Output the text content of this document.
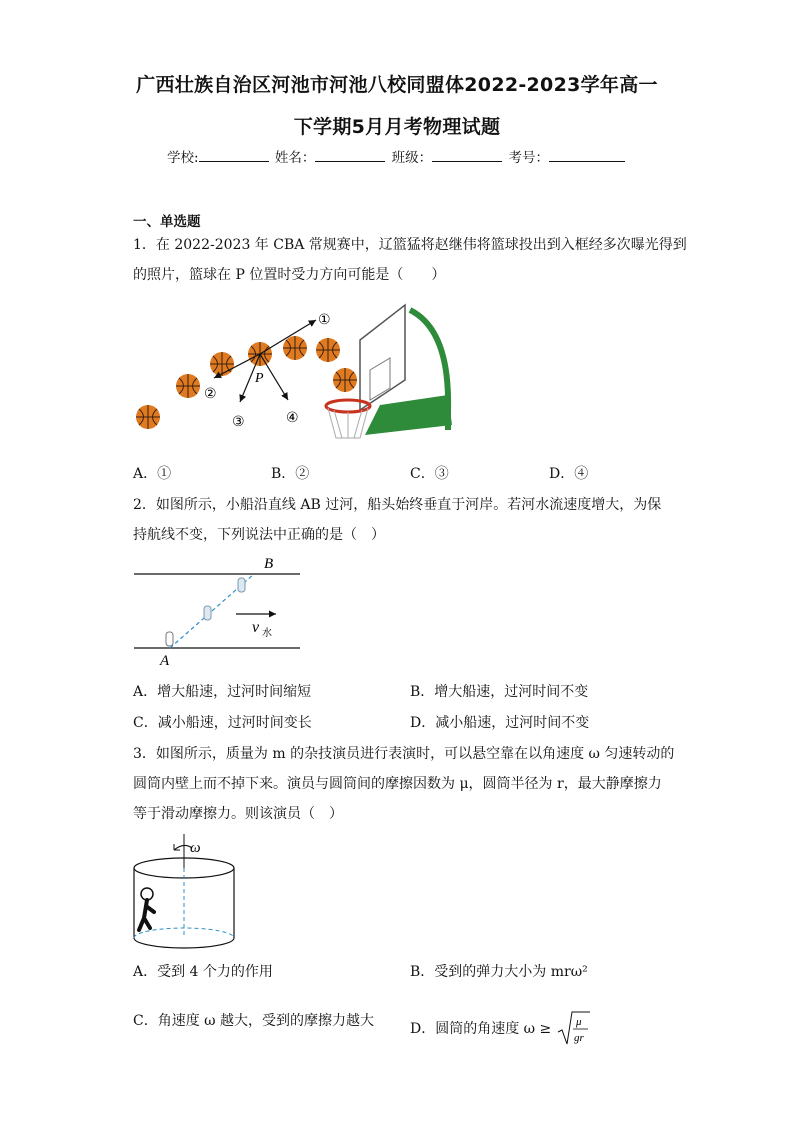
广西壮族自治区河池市河池八校同盟体2022-2023学年高一
下学期5月月考物理试题
学校:	姓名：	班级：	考号：
一、单选题
1．在 2022-2023 年 CBA 常规赛中，辽篮猛将赵继伟将篮球投出到入框经多次曝光得到
的照片，篮球在 P 位置时受力方向可能是（　　）
P
①
②
③	④
A．①	B．②	C．③	D．④
2．如图所示，小船沿直线 AB 过河，船头始终垂直于河岸。若河水流速度增大，为保
持航线不变，下列说法中正确的是（　）
B
A
v 水
A．增大船速，过河时间缩短	B．增大船速，过河时间不变
C．减小船速，过河时间变长	D．减小船速，过河时间不变
3．如图所示，质量为 m 的杂技演员进行表演时，可以悬空靠在以角速度 ω 匀速转动的
圆筒内壁上而不掉下来。演员与圆筒间的摩擦因数为 μ，圆筒半径为 r，最大静摩擦力
等于滑动摩擦力。则该演员（　）
ω
A．受到 4 个力的作用	B．受到的弹力大小为 mrω²
C．角速度 ω 越大，受到的摩擦力越大	D．圆筒的角速度 ω ≥ μ
gr
